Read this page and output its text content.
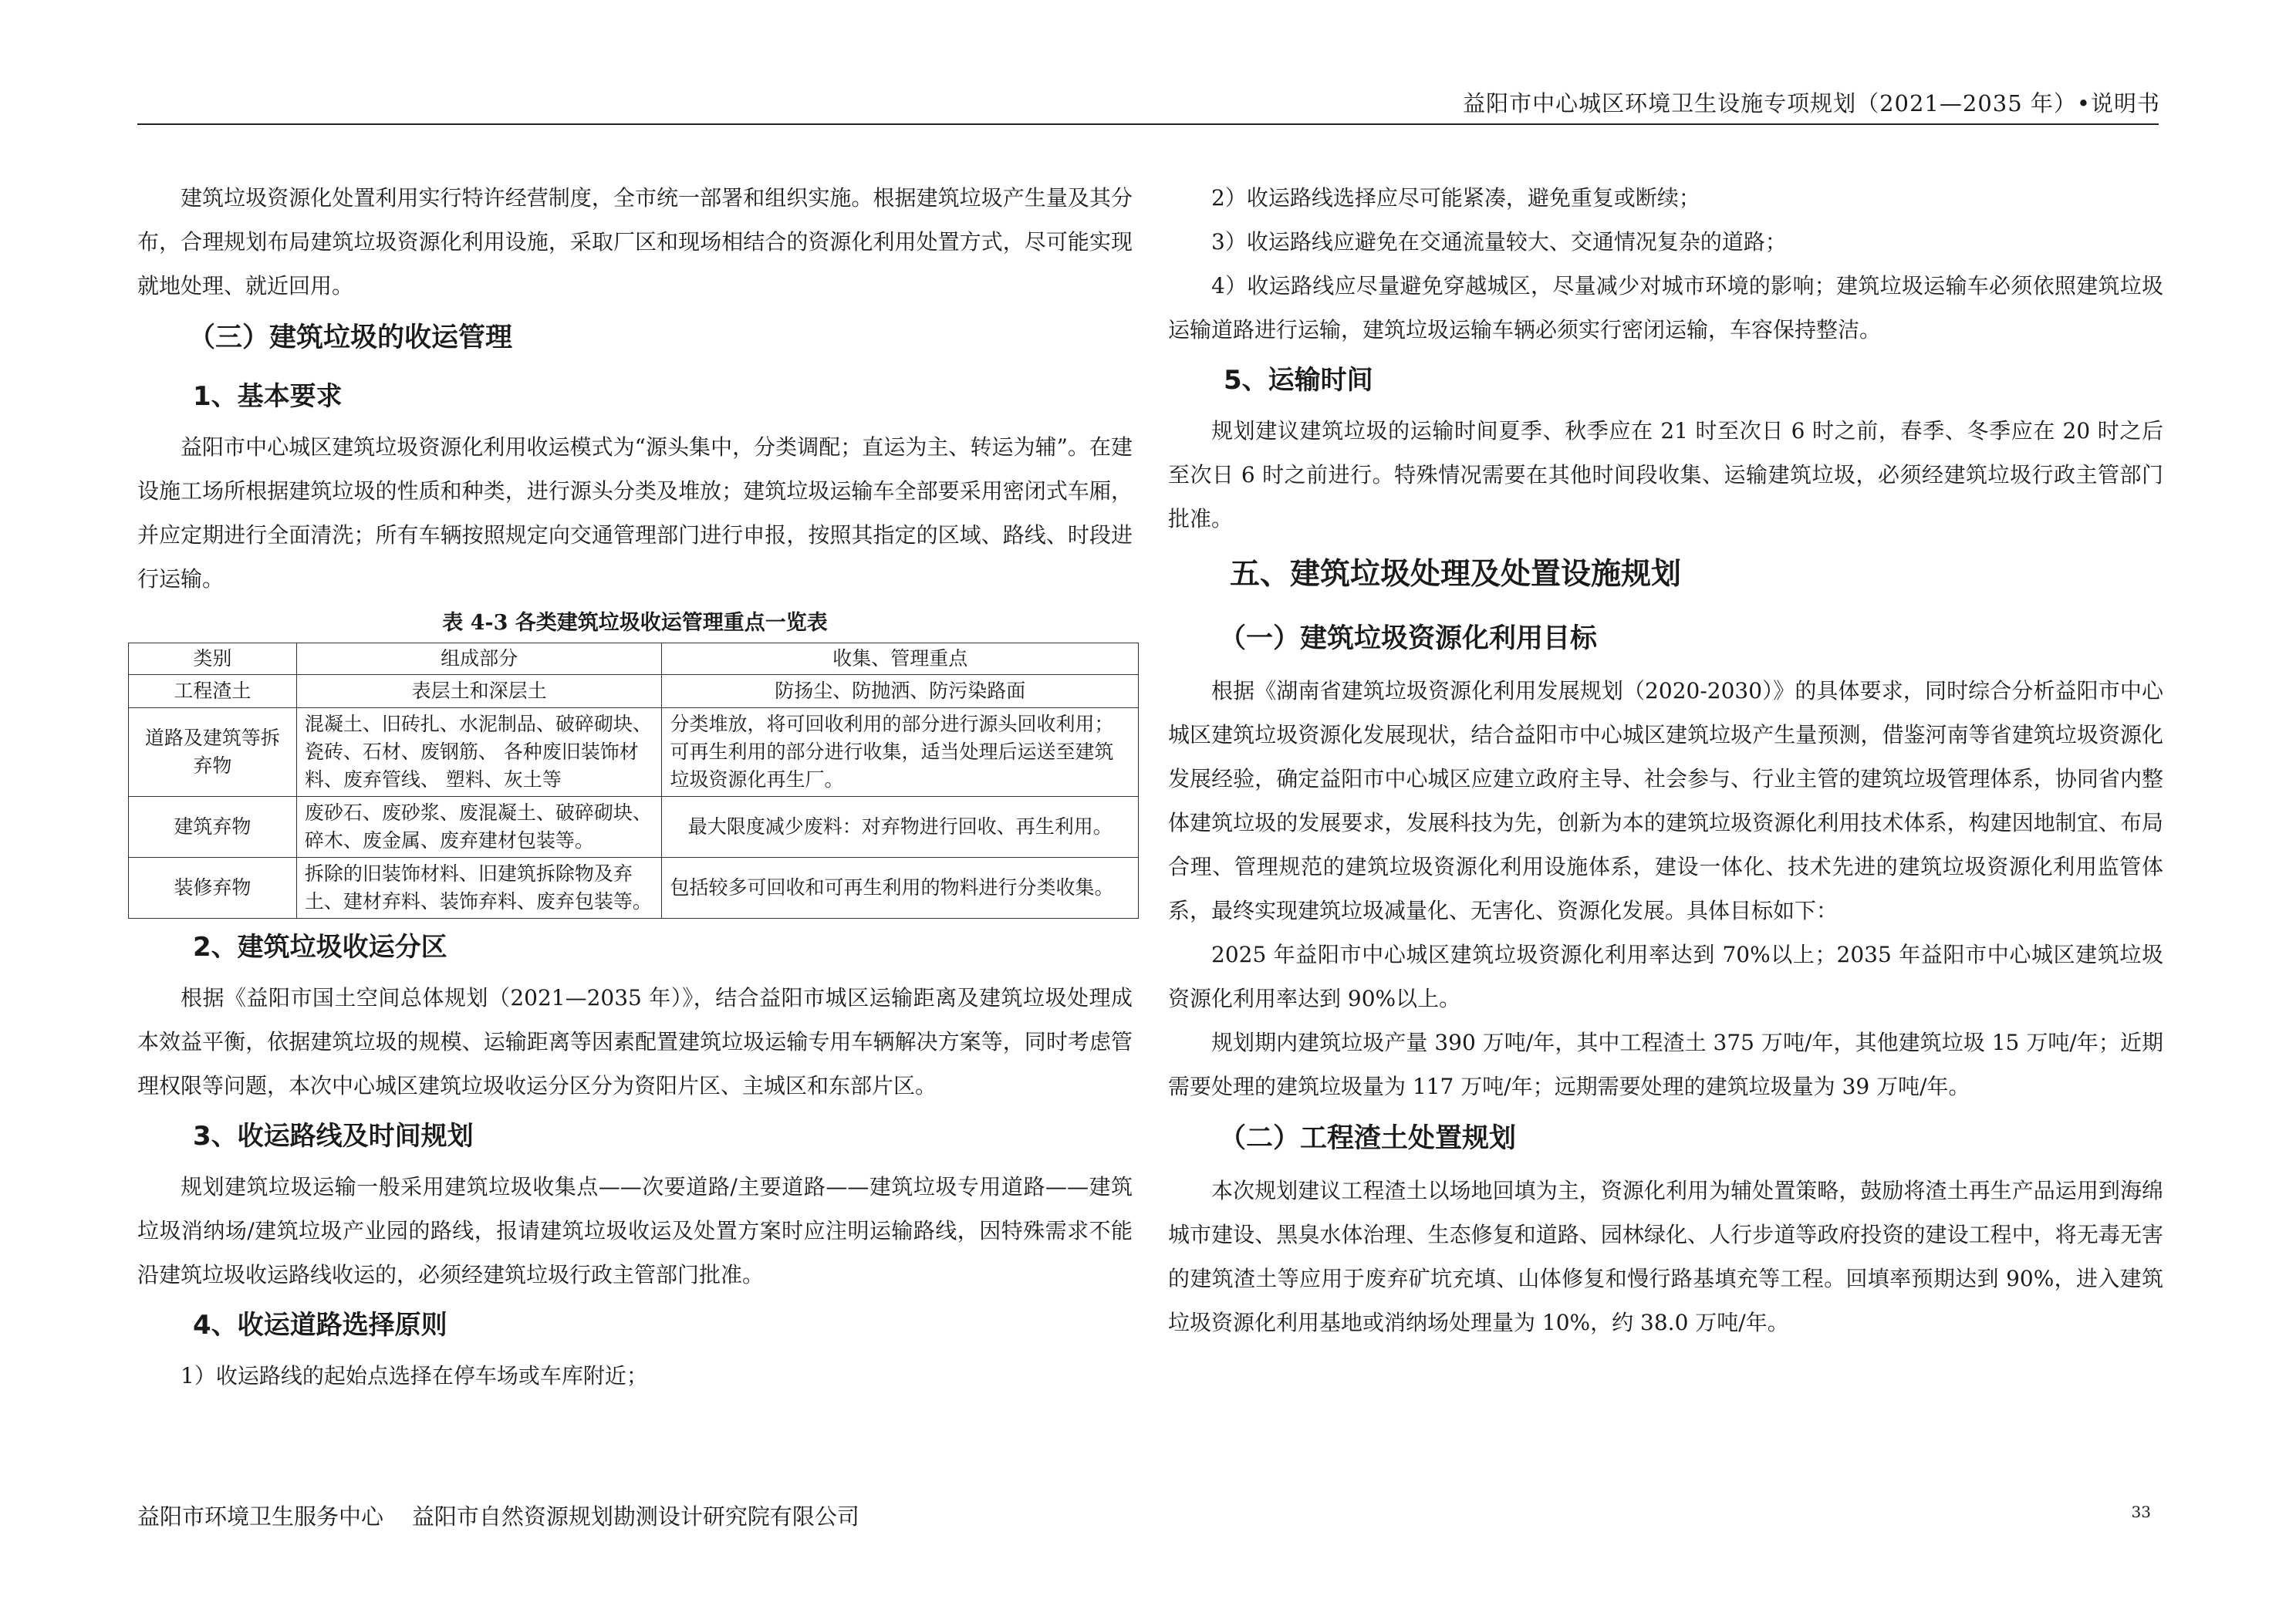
益阳市中心城区环境卫生设施专项规划（2021—2035 年）•说明书

建筑垃圾资源化处置利用实行特许经营制度，全市统一部署和组织实施。根据建筑垃圾产生量及其分布，合理规划布局建筑垃圾资源化利用设施，采取厂区和现场相结合的资源化利用处置方式，尽可能实现就地处理、就近回用。

（三）建筑垃圾的收运管理
1、基本要求

益阳市中心城区建筑垃圾资源化利用收运模式为“源头集中，分类调配；直运为主、转运为辅”。在建设施工场所根据建筑垃圾的性质和种类，进行源头分类及堆放；建筑垃圾运输车全部要采用密闭式车厢，并应定期进行全面清洗；所有车辆按照规定向交通管理部门进行申报，按照其指定的区域、路线、时段进行运输。

表 4-3 各类建筑垃圾收运管理重点一览表
类别	组成部分	收集、管理重点
工程渣土	表层土和深层土	防扬尘、防抛洒、防污染路面
道路及建筑等拆弃物	混凝土、旧砖扎、水泥制品、破碎砌块、瓷砖、石材、废钢筋、 各种废旧装饰材料、废弃管线、 塑料、灰土等	分类堆放，将可回收利用的部分进行源头回收利用；可再生利用的部分进行收集，适当处理后运送至建筑垃圾资源化再生厂。
建筑弃物	废砂石、废砂浆、废混凝土、破碎砌块、碎木、废金属、废弃建材包装等。	最大限度减少废料：对弃物进行回收、再生利用。
装修弃物	拆除的旧装饰材料、旧建筑拆除物及弃土、建材弃料、装饰弃料、废弃包装等。	包括较多可回收和可再生利用的物料进行分类收集。
2、建筑垃圾收运分区

根据《益阳市国土空间总体规划（2021—2035 年）》，结合益阳市城区运输距离及建筑垃圾处理成本效益平衡，依据建筑垃圾的规模、运输距离等因素配置建筑垃圾运输专用车辆解决方案等，同时考虑管理权限等问题，本次中心城区建筑垃圾收运分区分为资阳片区、主城区和东部片区。

3、收运路线及时间规划

规划建筑垃圾运输一般采用建筑垃圾收集点——次要道路/主要道路——建筑垃圾专用道路——建筑垃圾消纳场/建筑垃圾产业园的路线，报请建筑垃圾收运及处置方案时应注明运输路线，因特殊需求不能沿建筑垃圾收运路线收运的，必须经建筑垃圾行政主管部门批准。

4、收运道路选择原则

1）收运路线的起始点选择在停车场或车库附近；

2）收运路线选择应尽可能紧凑，避免重复或断续；

3）收运路线应避免在交通流量较大、交通情况复杂的道路；

4）收运路线应尽量避免穿越城区，尽量减少对城市环境的影响；建筑垃圾运输车必须依照建筑垃圾运输道路进行运输，建筑垃圾运输车辆必须实行密闭运输，车容保持整洁。

5、运输时间

规划建议建筑垃圾的运输时间夏季、秋季应在 21 时至次日 6 时之前，春季、冬季应在 20 时之后至次日 6 时之前进行。特殊情况需要在其他时间段收集、运输建筑垃圾，必须经建筑垃圾行政主管部门批准。

五、建筑垃圾处理及处置设施规划
（一）建筑垃圾资源化利用目标

根据《湖南省建筑垃圾资源化利用发展规划（2020-2030）》的具体要求，同时综合分析益阳市中心城区建筑垃圾资源化发展现状，结合益阳市中心城区建筑垃圾产生量预测，借鉴河南等省建筑垃圾资源化发展经验，确定益阳市中心城区应建立政府主导、社会参与、行业主管的建筑垃圾管理体系，协同省内整体建筑垃圾的发展要求，发展科技为先，创新为本的建筑垃圾资源化利用技术体系，构建因地制宜、布局合理、管理规范的建筑垃圾资源化利用设施体系，建设一体化、技术先进的建筑垃圾资源化利用监管体系，最终实现建筑垃圾减量化、无害化、资源化发展。具体目标如下：

2025 年益阳市中心城区建筑垃圾资源化利用率达到 70%以上；2035 年益阳市中心城区建筑垃圾资源化利用率达到 90%以上。

规划期内建筑垃圾产量 390 万吨/年，其中工程渣土 375 万吨/年，其他建筑垃圾 15 万吨/年；近期需要处理的建筑垃圾量为 117 万吨/年；远期需要处理的建筑垃圾量为 39 万吨/年。

（二）工程渣土处置规划

本次规划建议工程渣土以场地回填为主，资源化利用为辅处置策略，鼓励将渣土再生产品运用到海绵城市建设、黑臭水体治理、生态修复和道路、园林绿化、人行步道等政府投资的建设工程中，将无毒无害的建筑渣土等应用于废弃矿坑充填、山体修复和慢行路基填充等工程。回填率预期达到 90%，进入建筑垃圾资源化利用基地或消纳场处理量为 10%，约 38.0 万吨/年。

益阳市环境卫生服务中心    益阳市自然资源规划勘测设计研究院有限公司	33
